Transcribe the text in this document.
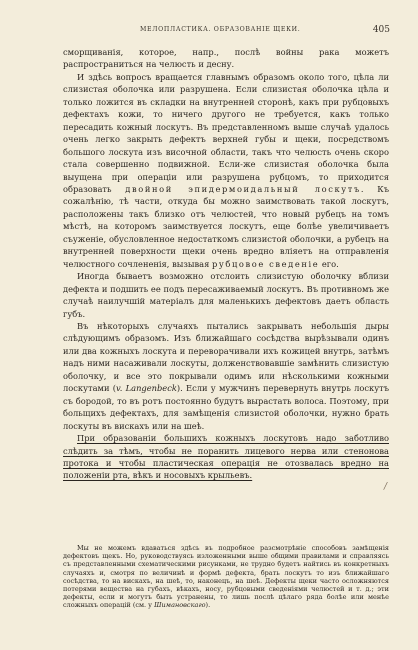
МЕЛОПЛАСТИКА. ОБРАЗОВАНІЕ ЩЕКИ.	405

сморщиванія, которое, напр., послѣ войны рака можетъ распространиться на челюсть и десну.

И здѣсь вопросъ вращается главнымъ образомъ около того, цѣла ли слизистая оболочка или разрушена. Если слизистая оболочка цѣла и только ложится въ складки на внутренней сторонѣ, какъ при рубцовыхъ дефектахъ кожи, то ничего другого не требуется, какъ только пересадить кожный лоскутъ. Въ представленномъ выше случаѣ удалось очень легко закрыть дефектъ верхней губы и щеки, посредствомъ большого лоскута изъ височной области, такъ что челюсть очень скоро стала совершенно подвижной. Если-же слизистая оболочка была выущена при операціи или разрушена рубцомъ, то приходится образовать двойной эпидермоидальный лоскутъ. Къ сожалѣнію, тѣ части, откуда бы можно заимствовать такой лоскутъ, расположены такъ близко отъ челюстей, что новый рубецъ на томъ мѣстѣ, на которомъ заимствуется лоскутъ, еще болѣе увеличиваетъ съуженіе, обусловленное недостаткомъ слизистой оболочки, а рубецъ на внутренней поверхности щеки очень вредно вліяетъ на отправленія челюстного сочлененія, вызывая рубцовое сведеніе его.

Иногда бываетъ возможно отслоить слизистую оболочку вблизи дефекта и подшить ее подъ пересаживаемый лоскутъ. Въ противномъ же случаѣ наилучшій матеріалъ для маленькихъ дефектовъ даетъ область губъ.

Въ нѣкоторыхъ случаяхъ пытались закрывать небольшія дыры слѣдующимъ образомъ. Изъ ближайшаго сосѣдства вырѣзывали одинъ или два кожныхъ лоскута и переворачивали ихъ кожицей внутрь, затѣмъ надъ ними насаживали лоскуты, долженствовавшіе замѣнить слизистую оболочку, и все это покрывали одимъ или нѣсколькими кожными лоскутами (v. Langenbeck). Если у мужчинъ перевернуть внутрь лоскутъ съ бородой, то въ ротъ постоянно будутъ вырастать волоса. Поэтому, при больщихъ дефектахъ, для замѣщенія слизистой оболочки, нужно брать лоскуты въ вискахъ или на шеѣ.

При образованіи большихъ кожныхъ лоскутовъ надо заботливо слѣдить за тѣмъ, чтобы не поранить лицевого нерва или стенонова протока и чтобы пластическая операція не отозвалась вредно на положеніи рта, вѣкъ и носовыхъ крыльевъ.

/

Мы не можемъ вдаваться здѣсь въ подробное разсмотрѣніе способовъ замѣщенія дефектовъ щекъ. Но, руководствуясь изложенными выше общими правилами и справляясь съ представленными схематическими рисунками, не трудно будетъ найтись въ конкретныхъ случаяхъ и, смотря по величинѣ и формѣ дефекта, брать лоскутъ то изъ ближайшаго сосѣдства, то на вискахъ, на шеѣ, то, наконецъ, на шеѣ. Дефекты щеки часто осложняются потерями вещества на губахъ, вѣкахъ, носу, рубцовыми сведеніями челюстей и т. д.; эти дефекты, если и могутъ быть устранены, то лишь послѣ цѣлаго ряда болѣе или менѣе сложныхъ операцій (см. у Шимановскаго).
